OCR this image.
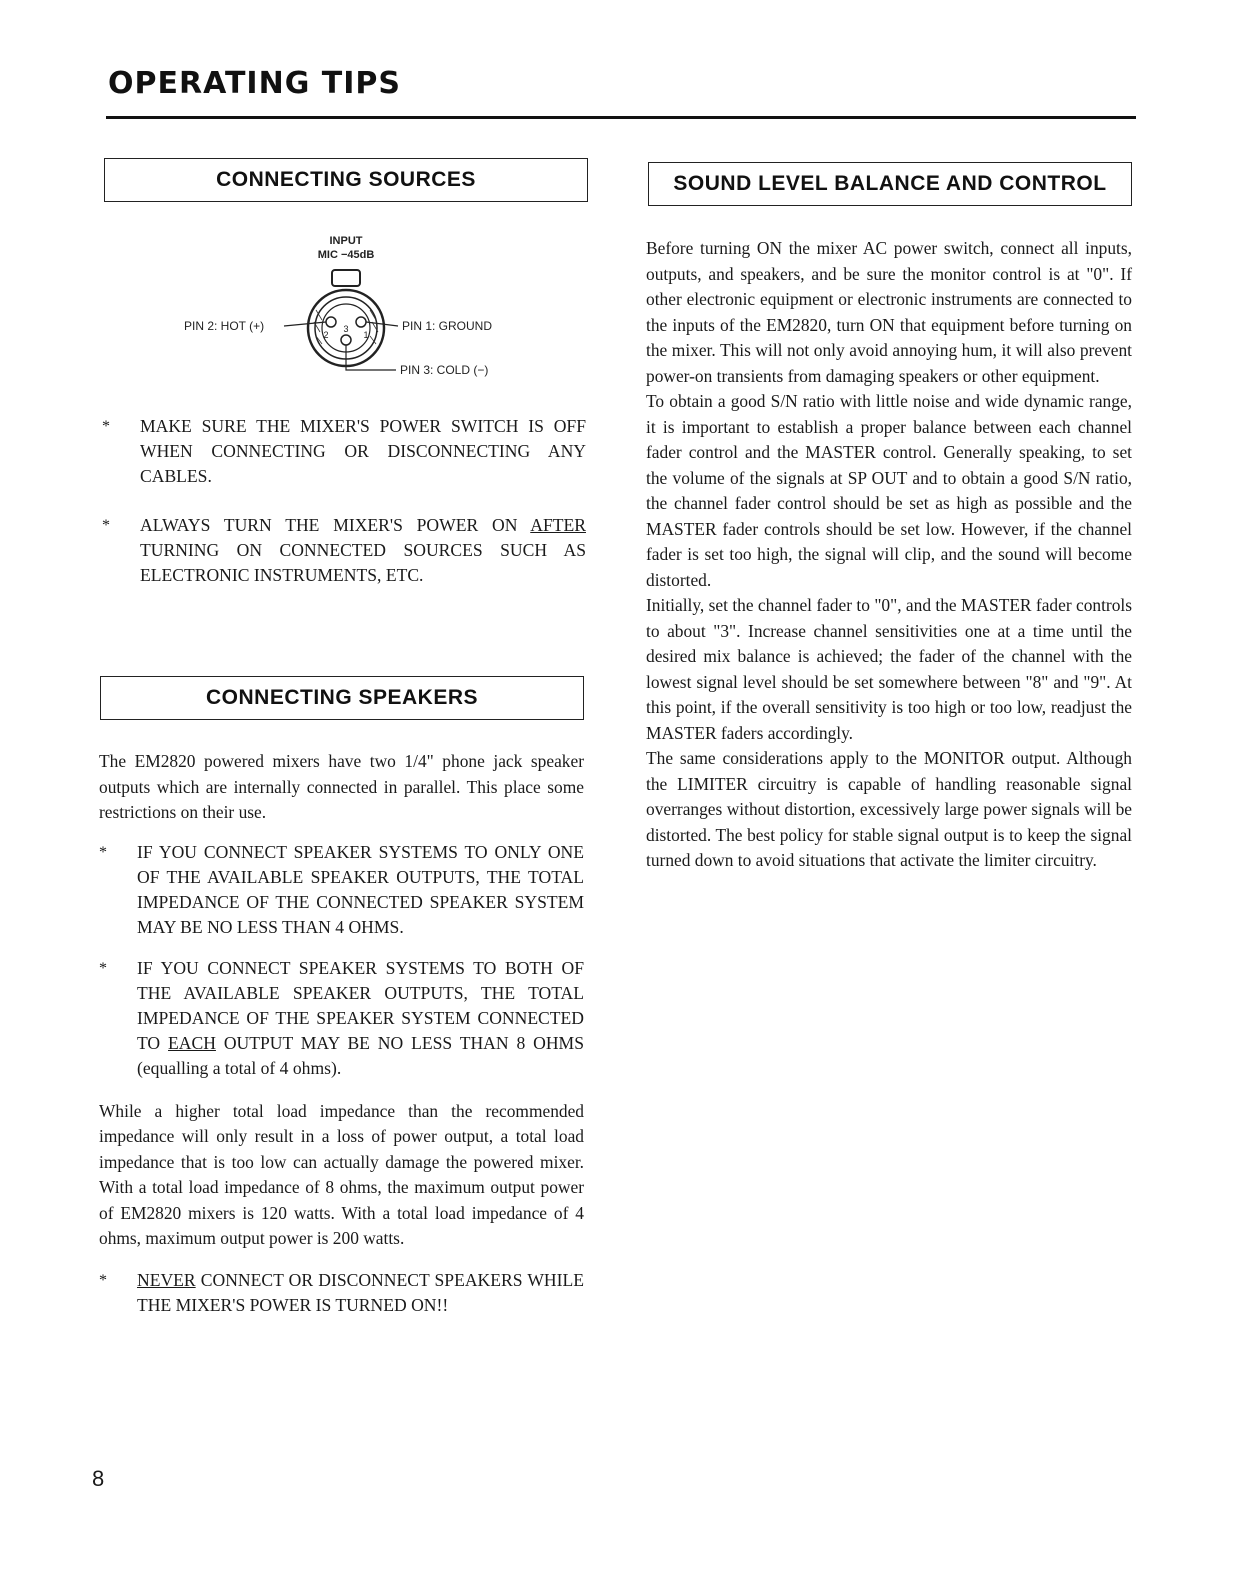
OPERATING TIPS
CONNECTING SOURCES
INPUT
MIC −45dB
3
2	1
PIN 2: HOT (+)	PIN 1: GROUND
PIN 3: COLD (−)

*	MAKE SURE THE MIXER'S POWER SWITCH IS OFF WHEN CONNECTING OR DISCONNECTING ANY CABLES.

*	ALWAYS TURN THE MIXER'S POWER ON AFTER TURNING ON CONNECTED SOURCES SUCH AS ELECTRONIC INSTRUMENTS, ETC.

CONNECTING SPEAKERS

The EM2820 powered mixers have two 1/4" phone jack speaker outputs which are internally connected in parallel. This place some restrictions on their use.

*	IF YOU CONNECT SPEAKER SYSTEMS TO ONLY ONE OF THE AVAILABLE SPEAKER OUTPUTS, THE TOTAL IMPEDANCE OF THE CONNECTED SPEAKER SYSTEM MAY BE NO LESS THAN 4 OHMS.

*	IF YOU CONNECT SPEAKER SYSTEMS TO BOTH OF THE AVAILABLE SPEAKER OUTPUTS, THE TOTAL IMPEDANCE OF THE SPEAKER SYSTEM CONNECTED TO EACH OUTPUT MAY BE NO LESS THAN 8 OHMS (equalling a total of 4 ohms).

While a higher total load impedance than the recommended impedance will only result in a loss of power output, a total load impedance that is too low can actually damage the powered mixer. With a total load impedance of 8 ohms, the maximum output power of EM2820 mixers is 120 watts. With a total load impedance of 4 ohms, maximum output power is 200 watts.

*	NEVER CONNECT OR DISCONNECT SPEAKERS WHILE THE MIXER'S POWER IS TURNED ON!!

SOUND LEVEL BALANCE AND CONTROL

Before turning ON the mixer AC power switch, connect all inputs, outputs, and speakers, and be sure the monitor control is at "0". If other electronic equipment or electronic instruments are connected to the inputs of the EM2820, turn ON that equipment before turning on the mixer. This will not only avoid annoying hum, it will also prevent power-on transients from damaging speakers or other equipment.

To obtain a good S/N ratio with little noise and wide dynamic range, it is important to establish a proper balance between each channel fader control and the MASTER control. Generally speaking, to set the volume of the signals at SP OUT and to obtain a good S/N ratio, the channel fader control should be set as high as possible and the MASTER fader controls should be set low. However, if the channel fader is set too high, the signal will clip, and the sound will become distorted.

Initially, set the channel fader to "0", and the MASTER fader controls to about "3". Increase channel sensitivities one at a time until the desired mix balance is achieved; the fader of the channel with the lowest signal level should be set somewhere between "8" and "9". At this point, if the overall sensitivity is too high or too low, readjust the MASTER faders accordingly.

The same considerations apply to the MONITOR output. Although the LIMITER circuitry is capable of handling reasonable signal overranges without distortion, excessively large power signals will be distorted. The best policy for stable signal output is to keep the signal turned down to avoid situations that activate the limiter circuitry.

8
